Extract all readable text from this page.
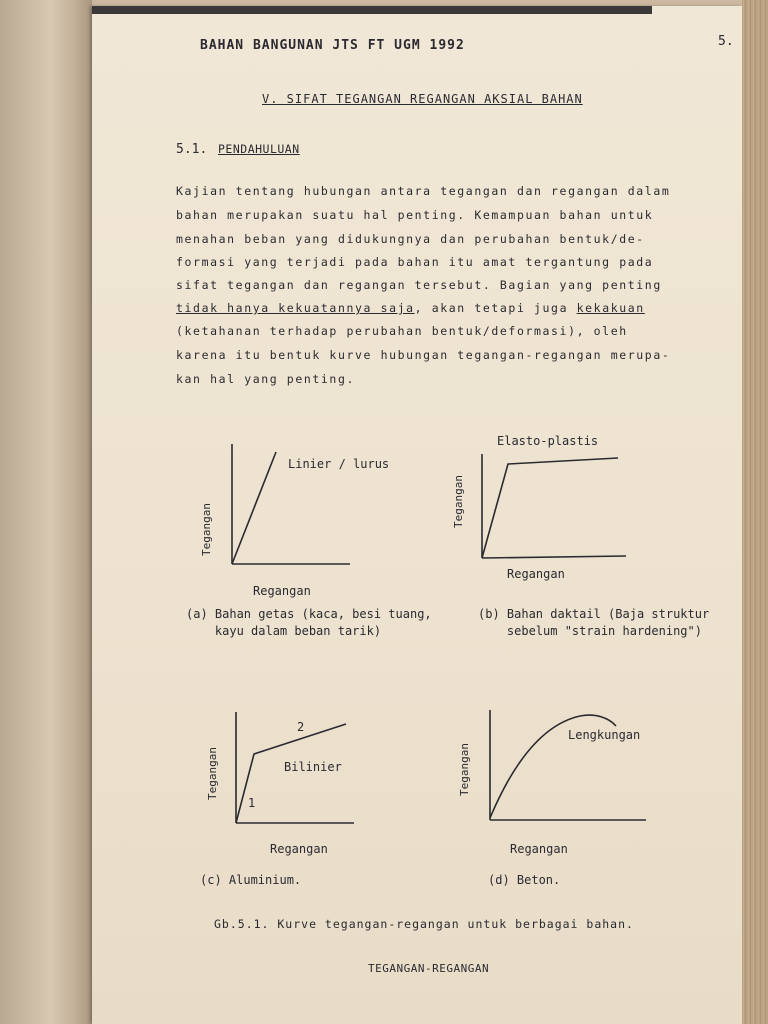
BAHAN BANGUNAN JTS FT UGM 1992	5.
V. SIFAT TEGANGAN REGANGAN AKSIAL BAHAN
5.1. PENDAHULUAN
Kajian tentang hubungan antara tegangan dan regangan dalam
bahan merupakan suatu hal penting. Kemampuan bahan untuk
menahan beban yang didukungnya dan perubahan bentuk/de-
formasi yang terjadi pada bahan itu amat tergantung pada
sifat tegangan dan regangan tersebut. Bagian yang penting
tidak hanya kekuatannya saja, akan tetapi juga kekakuan
(ketahanan terhadap perubahan bentuk/deformasi), oleh
karena itu bentuk kurve hubungan tegangan-regangan merupa-
kan hal yang penting.
Linier / lurus
Tegangan
Regangan
(a) Bahan getas (kaca, besi tuang,
kayu dalam beban tarik)
Elasto-plastis
Tegangan
Regangan
(b) Bahan daktail (Baja struktur
sebelum "strain hardening")
2
1
Bilinier
Tegangan
Regangan
(c) Aluminium.
Lengkungan
Tegangan
Regangan
(d) Beton.
Gb.5.1. Kurve tegangan-regangan untuk berbagai bahan.
TEGANGAN-REGANGAN
